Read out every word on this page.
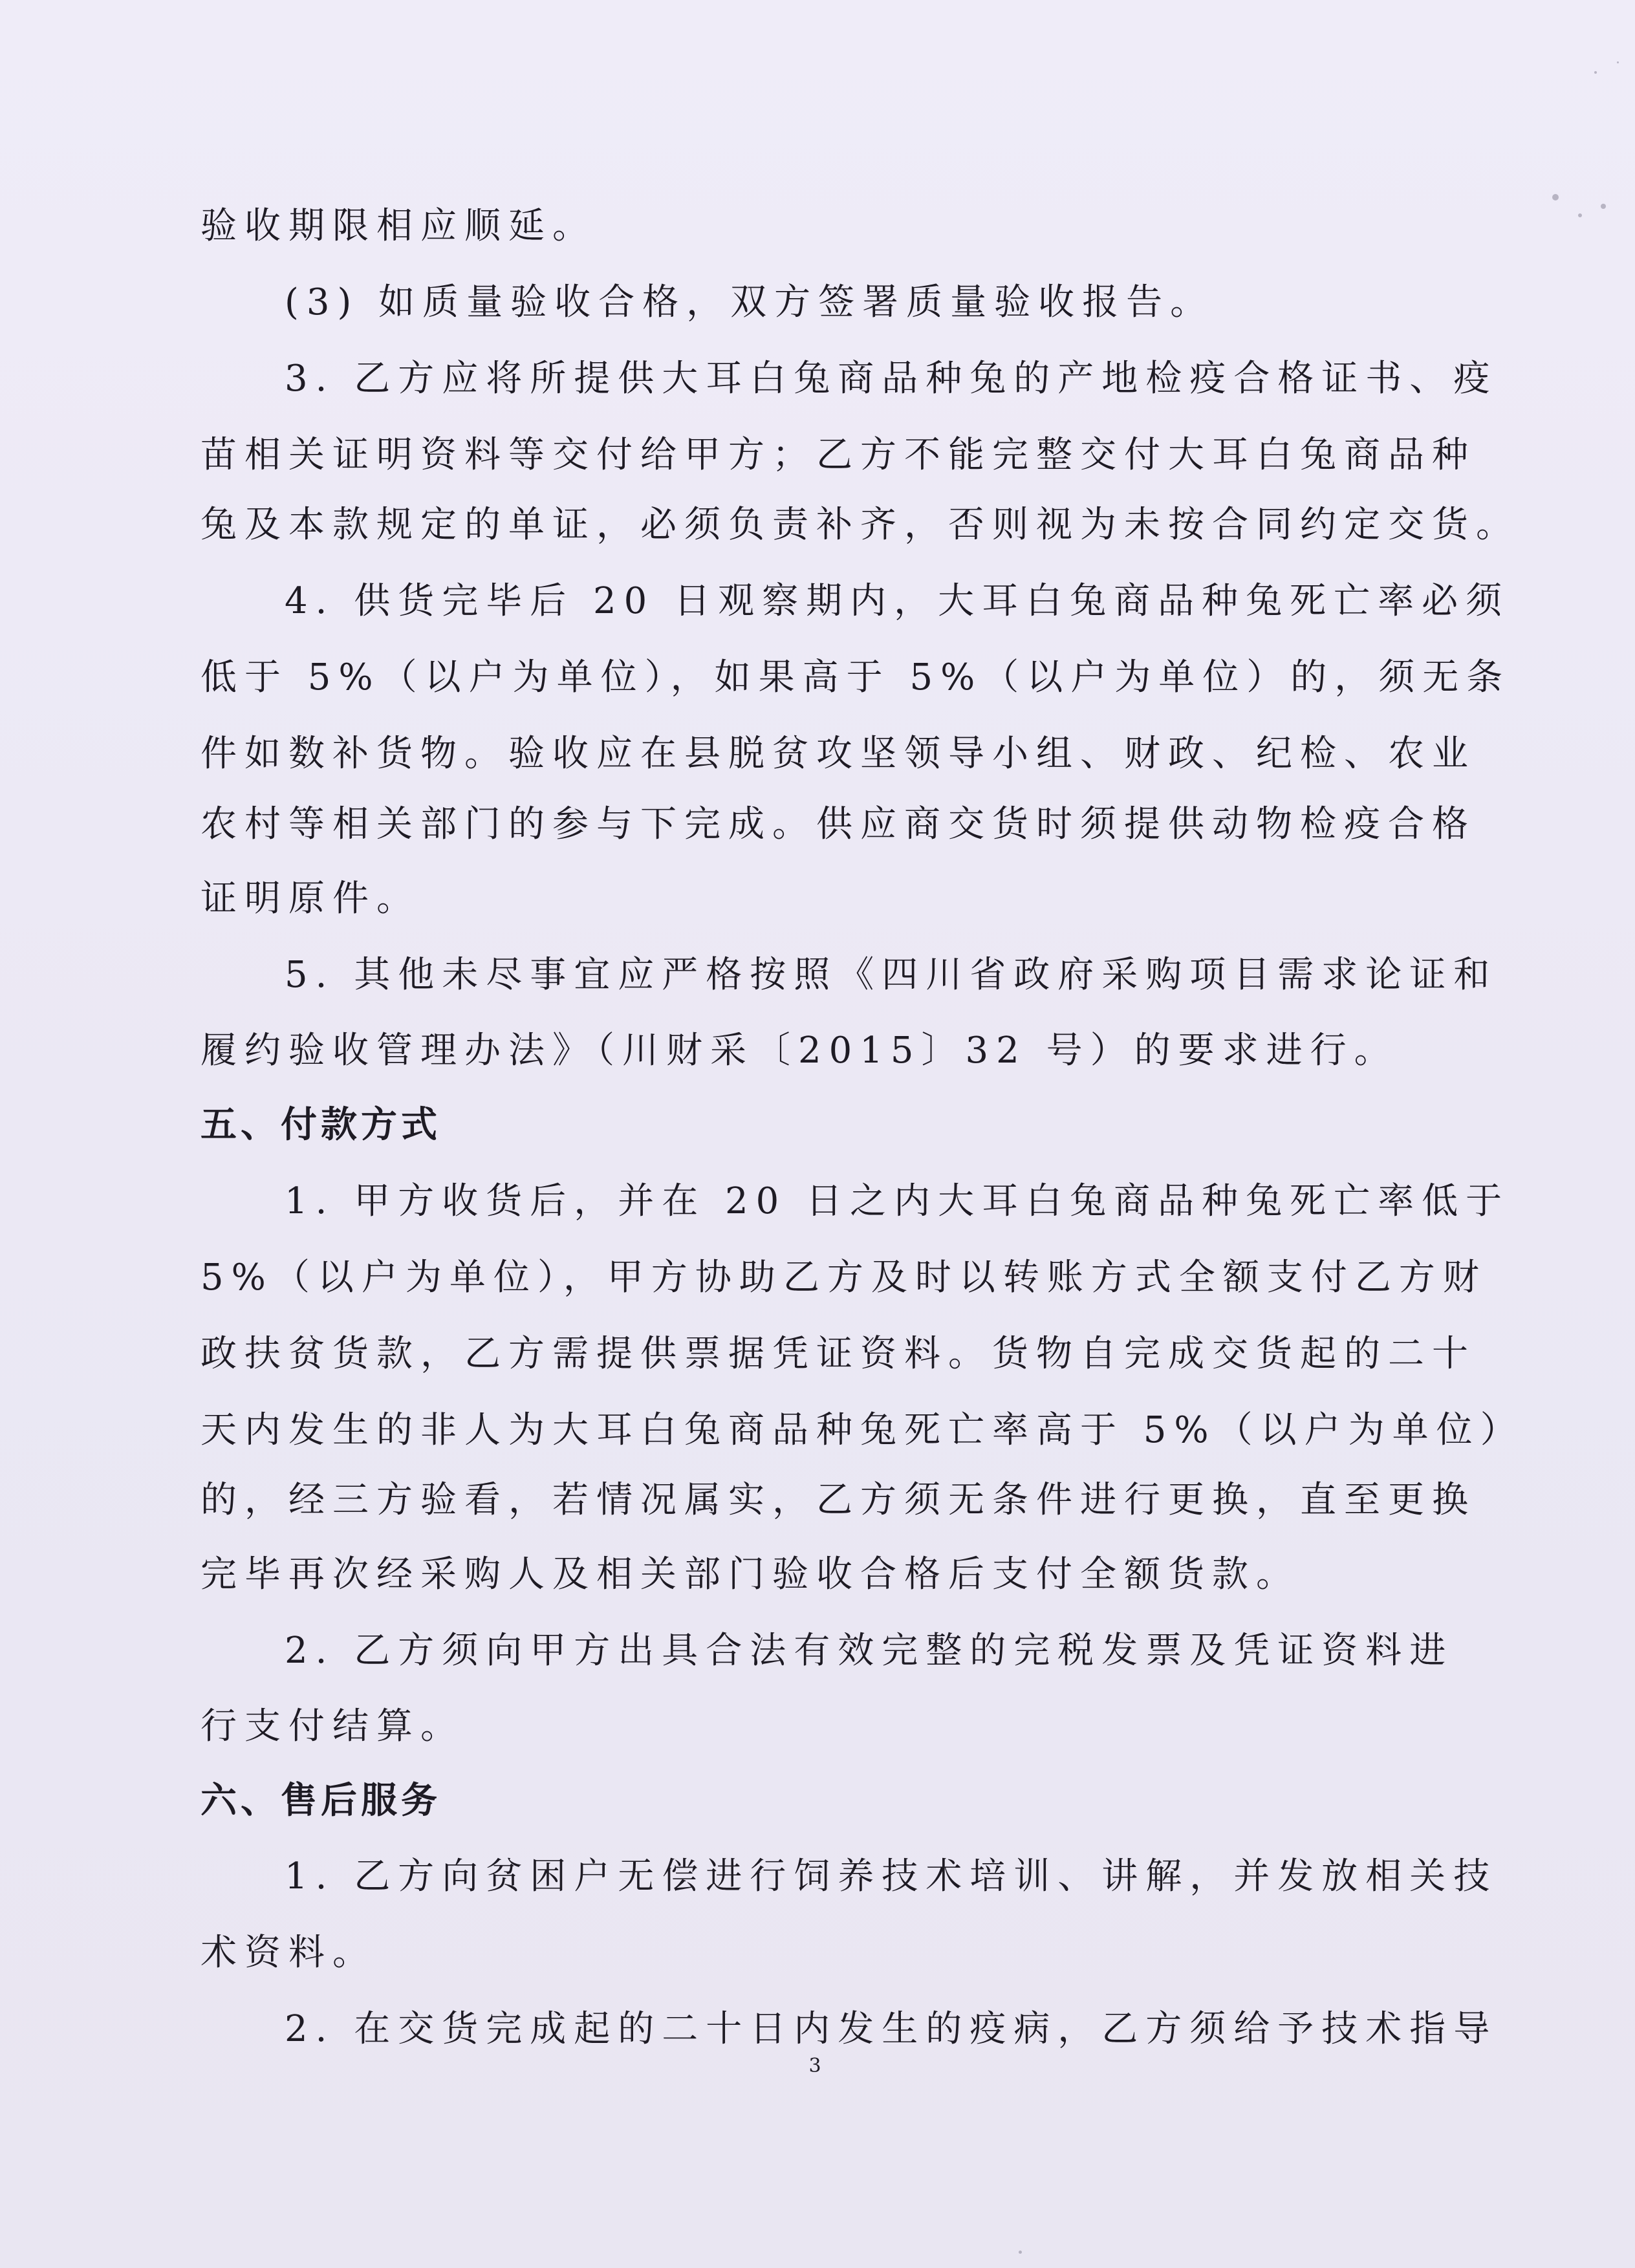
验收期限相应顺延。
(3) 如质量验收合格，双方签署质量验收报告。
3. 乙方应将所提供大耳白兔商品种兔的产地检疫合格证书、疫
苗相关证明资料等交付给甲方；乙方不能完整交付大耳白兔商品种
兔及本款规定的单证，必须负责补齐，否则视为未按合同约定交货。
4. 供货完毕后 20 日观察期内，大耳白兔商品种兔死亡率必须
低于 5%（以户为单位），如果高于 5%（以户为单位）的，须无条
件如数补货物。验收应在县脱贫攻坚领导小组、财政、纪检、农业
农村等相关部门的参与下完成。供应商交货时须提供动物检疫合格
证明原件。
5. 其他未尽事宜应严格按照《四川省政府采购项目需求论证和
履约验收管理办法》（川财采〔2015〕32 号）的要求进行。
五、付款方式
1. 甲方收货后，并在 20 日之内大耳白兔商品种兔死亡率低于
5%（以户为单位），甲方协助乙方及时以转账方式全额支付乙方财
政扶贫货款，乙方需提供票据凭证资料。货物自完成交货起的二十
天内发生的非人为大耳白兔商品种兔死亡率高于 5%（以户为单位）
的，经三方验看，若情况属实，乙方须无条件进行更换，直至更换
完毕再次经采购人及相关部门验收合格后支付全额货款。
2. 乙方须向甲方出具合法有效完整的完税发票及凭证资料进
行支付结算。
六、售后服务
1. 乙方向贫困户无偿进行饲养技术培训、讲解，并发放相关技
术资料。
2. 在交货完成起的二十日内发生的疫病，乙方须给予技术指导
3
